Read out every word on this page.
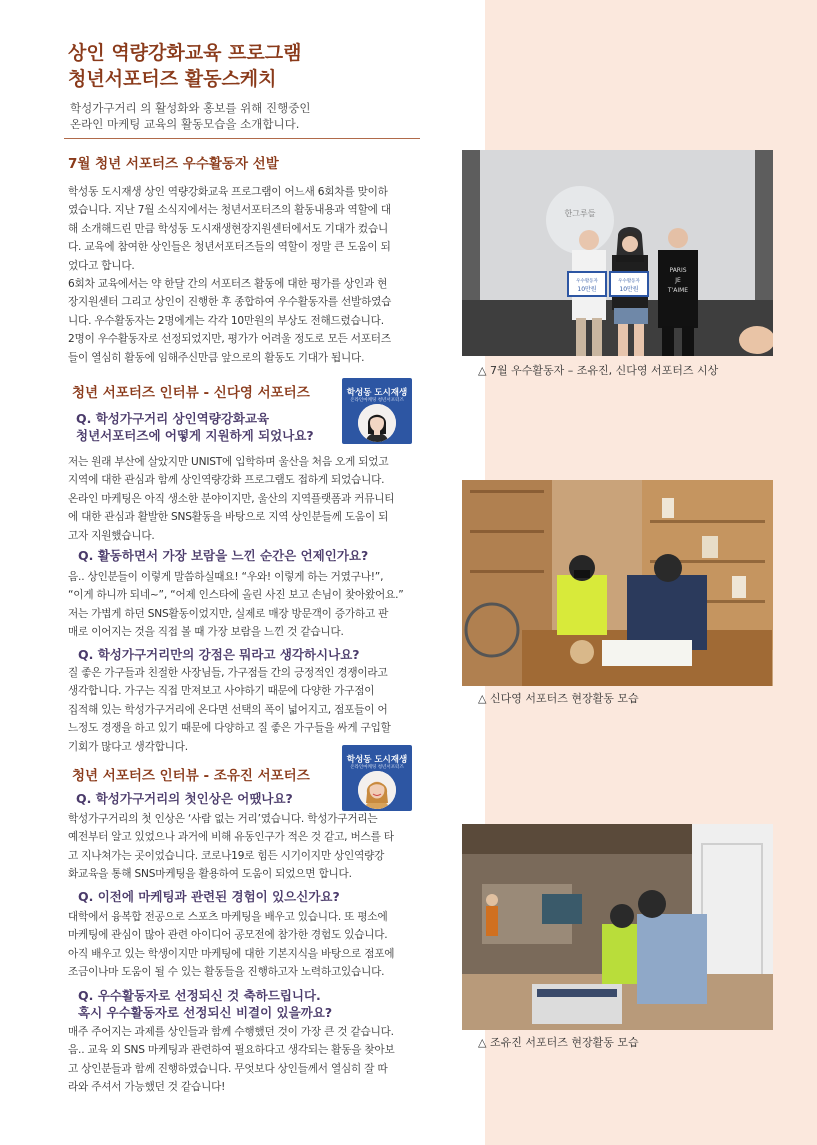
상인 역량강화교육 프로그램
청년서포터즈 활동스케치
학성가구거리 의 활성화와 홍보를 위해 진행중인
온라인 마케팅 교육의 활동모습을 소개합니다.
7월 청년 서포터즈 우수활동자 선발
학성동 도시재생 상인 역량강화교육 프로그램이 어느새 6회차를 맞이하
였습니다. 지난 7월 소식지에서는 청년서포터즈의 활동내용과 역할에 대
해 소개해드린 만큼 학성동 도시재생현장지원센터에서도 기대가 컸습니
다. 교육에 참여한 상인들은 청년서포터즈들의 역할이 정말 큰 도움이 되
었다고 합니다.
6회차 교육에서는 약 한달 간의 서포터즈 활동에 대한 평가를 상인과 현
장지원센터 그리고 상인이 진행한 후 종합하여 우수활동자를 선발하였습
니다. 우수활동자는 2명에게는 각각 10만원의 부상도 전해드렸습니다.
2명이 우수활동자로 선정되었지만, 평가가 어려울 정도로 모든 서포터즈
들이 열심히 활동에 임해주신만큼 앞으로의 활동도 기대가 됩니다.
청년 서포터즈 인터뷰 - 신다영 서포터즈	학성동 도시재생
온라인마케팅 청년서포터즈
Q. 학성가구거리 상인역량강화교육
청년서포터즈에 어떻게 지원하게 되었나요?
저는 원래 부산에 살았지만 UNIST에 입학하며 울산을 처음 오게 되었고
지역에 대한 관심과 함께 상인역량강화 프로그램도 접하게 되었습니다.
온라인 마케팅은 아직 생소한 분야이지만, 울산의 지역플랫폼과 커뮤니티
에 대한 관심과 활발한 SNS활동을 바탕으로 지역 상인분들께 도움이 되
고자 지원했습니다.
Q. 활동하면서 가장 보람을 느낀 순간은 언제인가요?
음.. 상인분들이 이렇게 말씀하실때요! “우와! 이렇게 하는 거였구나!”,
“이게 하니까 되네~”, “어제 인스타에 올린 사진 보고 손님이 찾아왔어요.”
저는 가볍게 하던 SNS활동이었지만, 실제로 매장 방문객이 증가하고 판
매로 이어지는 것을 직접 볼 때 가장 보람을 느낀 것 같습니다.
Q. 학성가구거리만의 강점은 뭐라고 생각하시나요?
질 좋은 가구들과 친절한 사장님들, 가구점들 간의 긍정적인 경쟁이라고
생각합니다. 가구는 직접 만져보고 사야하기 때문에 다양한 가구점이
집적해 있는 학성가구거리에 온다면 선택의 폭이 넓어지고, 점포들이 어
느정도 경쟁을 하고 있기 때문에 다양하고 질 좋은 가구들을 싸게 구입할
기회가 많다고 생각합니다.
청년 서포터즈 인터뷰 - 조유진 서포터즈
학성동 도시재생
온라인마케팅 청년서포터즈
Q. 학성가구거리의 첫인상은 어땠나요?
학성가구거리의 첫 인상은 ‘사람 없는 거리’였습니다. 학성가구거리는
예전부터 알고 있었으나 과거에 비해 유동인구가 적은 것 같고, 버스를 타
고 지나쳐가는 곳이었습니다. 코로나19로 힘든 시기이지만 상인역량강
화교육을 통해 SNS마케팅을 활용하여 도움이 되었으면 합니다.
Q. 이전에 마케팅과 관련된 경험이 있으신가요?
대학에서 융복합 전공으로 스포츠 마케팅을 배우고 있습니다. 또 평소에
마케팅에 관심이 많아 관련 아이디어 공모전에 참가한 경험도 있습니다.
아직 배우고 있는 학생이지만 마케팅에 대한 기본지식을 바탕으로 점포에
조금이나마 도움이 될 수 있는 활동들을 진행하고자 노력하고있습니다.
Q. 우수활동자로 선정되신 것 축하드립니다.
혹시 우수활동자로 선정되신 비결이 있을까요?
매주 주어지는 과제를 상인들과 함께 수행했던 것이 가장 큰 것 같습니다.
음.. 교육 외 SNS 마케팅과 관련하여 필요하다고 생각되는 활동을 찾아보
고 상인분들과 함께 진행하였습니다. 무엇보다 상인들께서 열심히 잘 따
라와 주셔서 가능했던 것 같습니다!
한그루들
우수활동자
10만원
우수활동자
10만원
PARIS
JE
T'AIME
△ 7월 우수활동자 – 조유진, 신다영 서포터즈 시상
△ 신다영 서포터즈 현장활동 모습
△ 조유진 서포터즈 현장활동 모습
